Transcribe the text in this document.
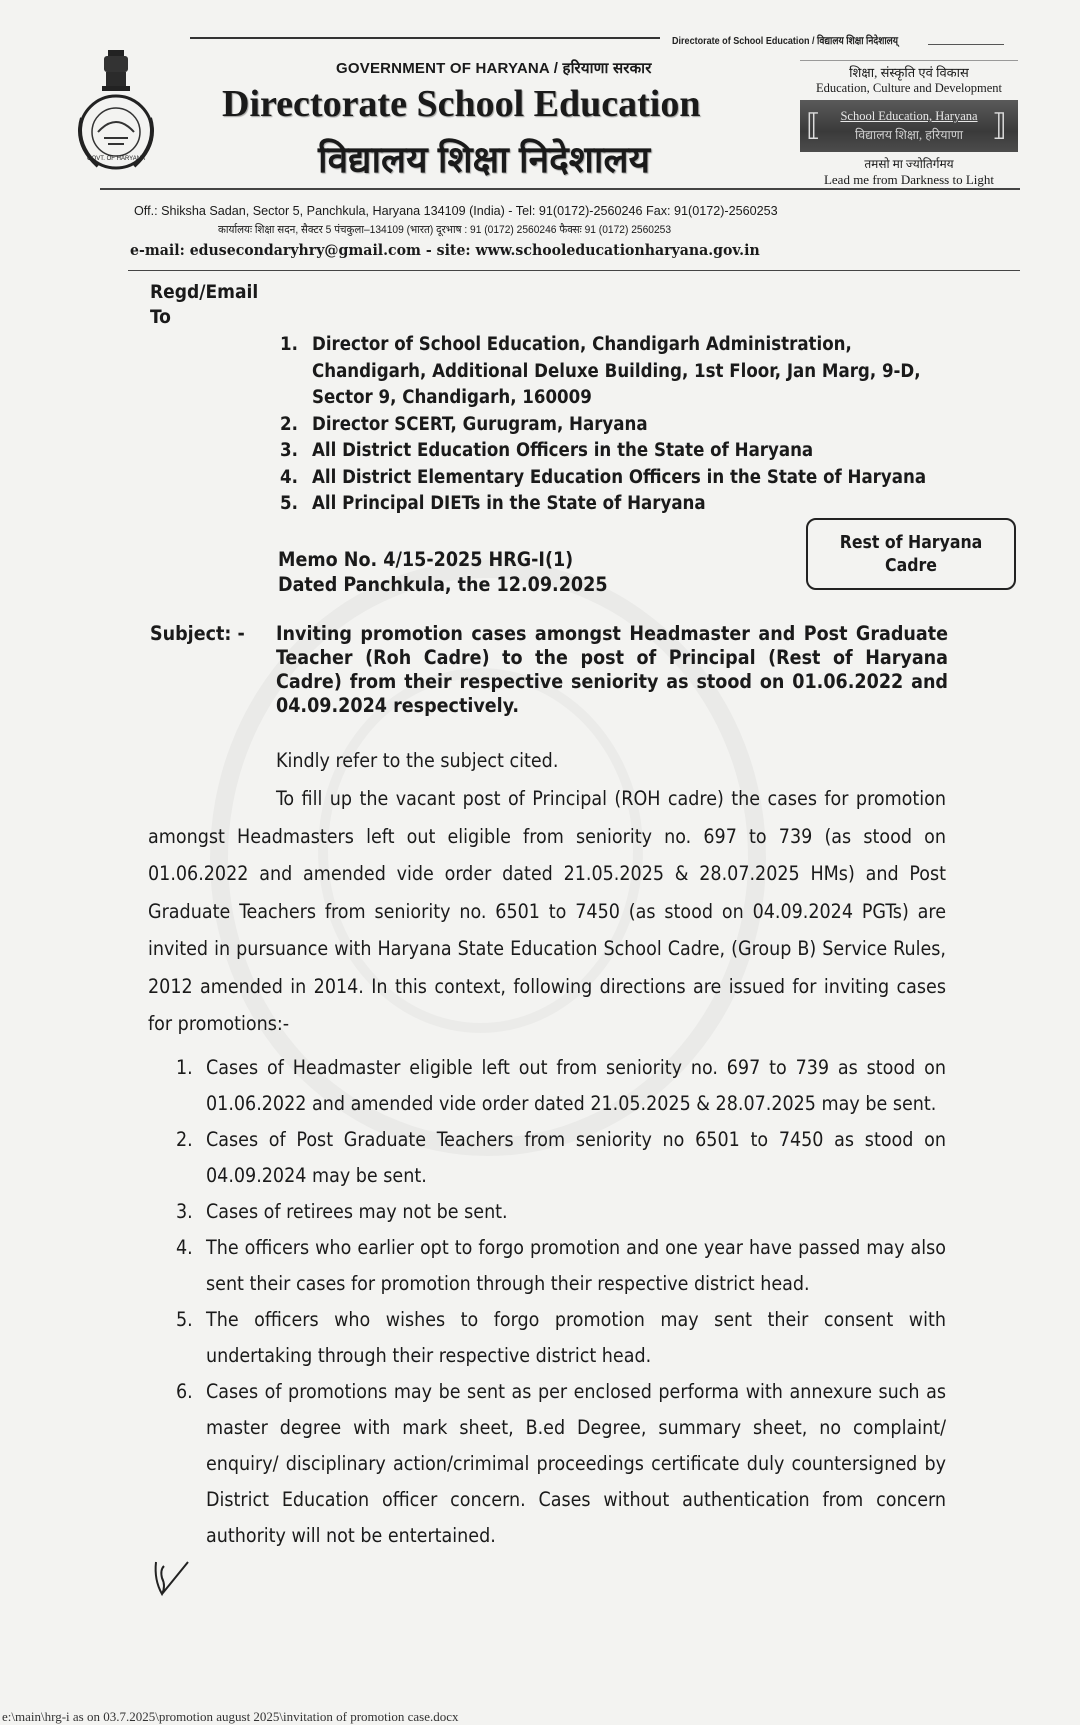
Directorate of School Education / विद्यालय शिक्षा निदेशालय्
GOVT. OF HARYANA
GOVERNMENT OF HARYANA / हरियाणा सरकार
Directorate School Education
विद्यालय शिक्षा निदेशालय
शिक्षा, संस्कृति एवं विकास
Education, Culture and Development
⟦	School Education, Haryana
विद्यालय शिक्षा, हरियाणा ⟧
तमसो मा ज्योतिर्गमय
Lead me from Darkness to Light
Off.: Shiksha Sadan, Sector 5, Panchkula, Haryana 134109 (India) - Tel: 91(0172)-2560246 Fax: 91(0172)-2560253
कार्यालयः शिक्षा सदन, सैक्टर 5 पंचकुला–134109 (भारत) दूरभाष : 91 (0172) 2560246 फैक्सः 91 (0172) 2560253
e-mail: edusecondaryhry@gmail.com - site: www.schooleducationharyana.gov.in
Regd/Email
To
1. Director of School Education, Chandigarh Administration, Chandigarh, Additional Deluxe Building, 1st Floor, Jan Marg, 9-D, Sector 9, Chandigarh, 160009
2. Director SCERT, Gurugram, Haryana
3. All District Education Officers in the State of Haryana
4. All District Elementary Education Officers in the State of Haryana
5. All Principal DIETs in the State of Haryana
Memo No. 4/15-2025 HRG-I(1)
Dated Panchkula, the 12.09.2025
Rest of Haryana
Cadre
Subject: - Inviting promotion cases amongst Headmaster and Post Graduate Teacher (Roh Cadre) to the post of Principal (Rest of Haryana Cadre) from their respective seniority as stood on 01.06.2022 and 04.09.2024 respectively.
Kindly refer to the subject cited.
To fill up the vacant post of Principal (ROH cadre) the cases for promotion amongst Headmasters left out eligible from seniority no. 697 to 739 (as stood on 01.06.2022 and amended vide order dated 21.05.2025 & 28.07.2025 HMs) and Post Graduate Teachers from seniority no. 6501 to 7450 (as stood on 04.09.2024 PGTs) are invited in pursuance with Haryana State Education School Cadre, (Group B) Service Rules, 2012 amended in 2014. In this context, following directions are issued for inviting cases for promotions:-
1. Cases of Headmaster eligible left out from seniority no. 697 to 739 as stood on 01.06.2022 and amended vide order dated 21.05.2025 & 28.07.2025 may be sent.
2. Cases of Post Graduate Teachers from seniority no 6501 to 7450 as stood on 04.09.2024 may be sent.
3. Cases of retirees may not be sent.
4. The officers who earlier opt to forgo promotion and one year have passed may also sent their cases for promotion through their respective district head.
5. The officers who wishes to forgo promotion may sent their consent with undertaking through their respective district head.
6. Cases of promotions may be sent as per enclosed performa with annexure such as master degree with mark sheet, B.ed Degree, summary sheet, no complaint/ enquiry/ disciplinary action/crimimal proceedings certificate duly countersigned by District Education officer concern. Cases without authentication from concern authority will not be entertained.
e:\main\hrg-i as on 03.7.2025\promotion august 2025\invitation of promotion case.docx
